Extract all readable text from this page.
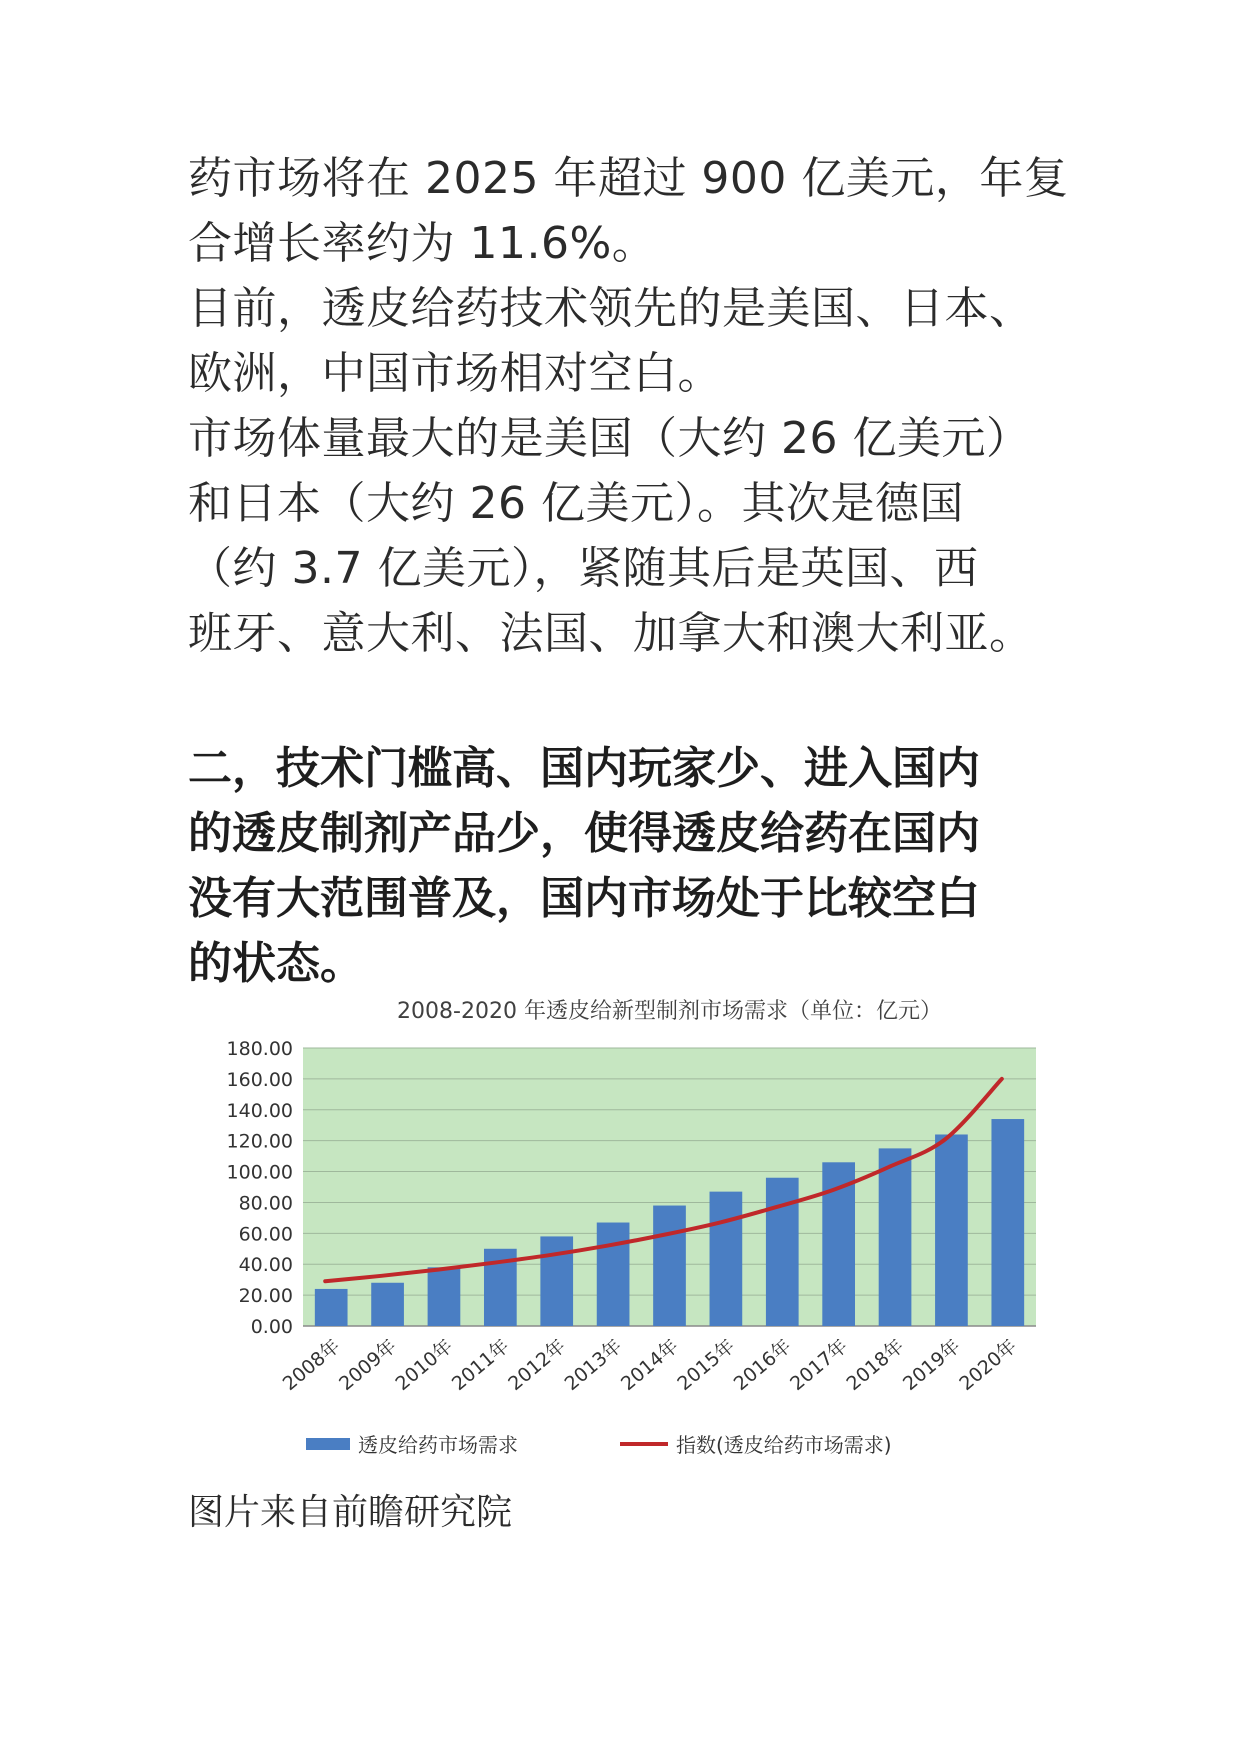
药市场将在 2025 年超过 900 亿美元，年复

合增长率约为 11.6%。

目前，透皮给药技术领先的是美国、日本、

欧洲，中国市场相对空白。

市场体量最大的是美国（大约 26 亿美元）

和日本（大约 26 亿美元）。其次是德国

（约 3.7 亿美元），紧随其后是英国、西

班牙、意大利、法国、加拿大和澳大利亚。

二，技术门槛高、国内玩家少、进入国内

的透皮制剂产品少，使得透皮给药在国内

没有大范围普及，国内市场处于比较空白

的状态。

2008-2020 年透皮给新型制剂市场需求（单位：亿元）
0.00
20.00
40.00
60.00
80.00
100.00
120.00
140.00
160.00
180.00
2008年
2009年
2010年
2011年
2012年
2013年
2014年
2015年
2016年
2017年
2018年
2019年
2020年
透皮给药市场需求	指数(透皮给药市场需求)
图片来自前瞻研究院
